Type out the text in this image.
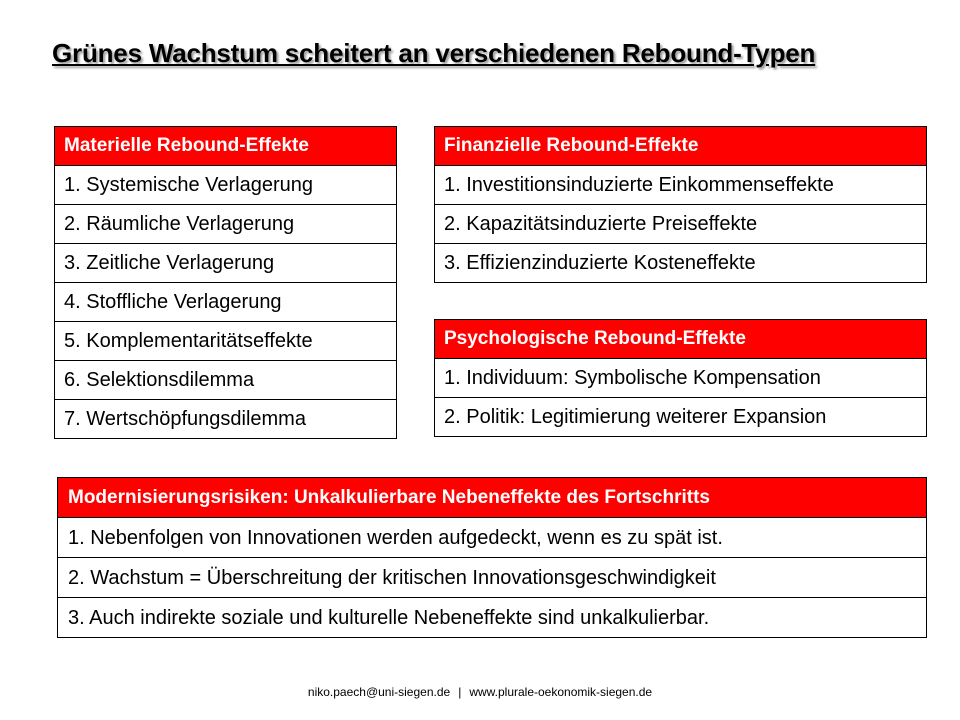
Grünes Wachstum scheitert an verschiedenen Rebound-Typen
Materielle Rebound-Effekte
1. Systemische Verlagerung
2. Räumliche Verlagerung
3. Zeitliche Verlagerung
4. Stoffliche Verlagerung
5. Komplementaritätseffekte
6. Selektionsdilemma
7. Wertschöpfungsdilemma
Finanzielle Rebound-Effekte
1. Investitionsinduzierte Einkommenseffekte
2. Kapazitätsinduzierte Preiseffekte
3. Effizienzinduzierte Kosteneffekte
Psychologische Rebound-Effekte
1. Individuum: Symbolische Kompensation
2. Politik: Legitimierung weiterer Expansion
Modernisierungsrisiken: Unkalkulierbare Nebeneffekte des Fortschritts
1. Nebenfolgen von Innovationen werden aufgedeckt, wenn es zu spät ist.
2. Wachstum = Überschreitung der kritischen Innovationsgeschwindigkeit
3. Auch indirekte soziale und kulturelle Nebeneffekte sind unkalkulierbar.
niko.paech@uni-siegen.de | www.plurale-oekonomik-siegen.de
